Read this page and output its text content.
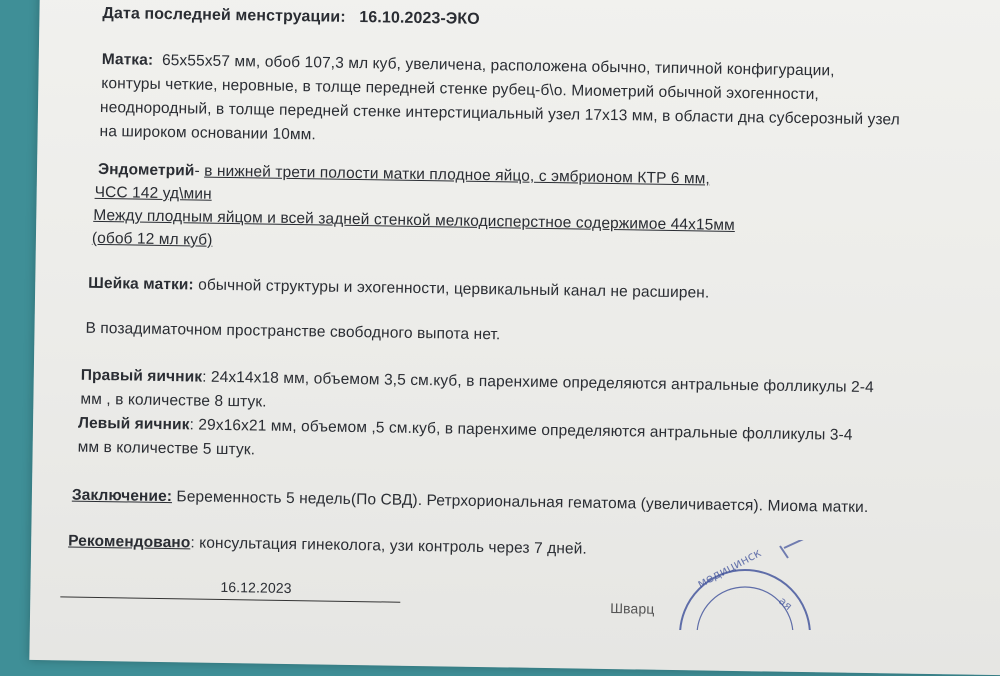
Дата последней менструации: 16.10.2023-ЭКО
Матка: 65х55х57 мм, обоб 107,3 мл куб, увеличена, расположена обычно, типичной конфигурации,
контуры четкие, неровные, в толще передней стенке рубец-б\о. Миометрий обычной эхогенности,
неоднородный, в толще передней стенке интерстициальный узел 17х13 мм, в области дна субсерозный узел
на широком основании 10мм.
Эндометрий- в нижней трети полости матки плодное яйцо, с эмбрионом КТР 6 мм,
ЧСС 142 уд\мин
Между плодным яйцом и всей задней стенкой мелкодисперстное содержимое 44х15мм
(обоб 12 мл куб)
Шейка матки: обычной структуры и эхогенности, цервикальный канал не расширен.
В позадиматочном пространстве свободного выпота нет.
Правый яичник: 24х14х18 мм, объемом 3,5 см.куб, в паренхиме определяются антральные фолликулы 2-4
мм , в количестве 8 штук.
Левый яичник: 29х16х21 мм, объемом ,5 см.куб, в паренхиме определяются антральные фолликулы 3-4
мм в количестве 5 штук.
Заключение: Беременность 5 недель(По СВД). Ретрхориональная гематома (увеличивается). Миома матки.
Рекомендовано: консультация гинеколога, узи контроль через 7 дней.
16.12.2023
Шварц
медицинск
ая
